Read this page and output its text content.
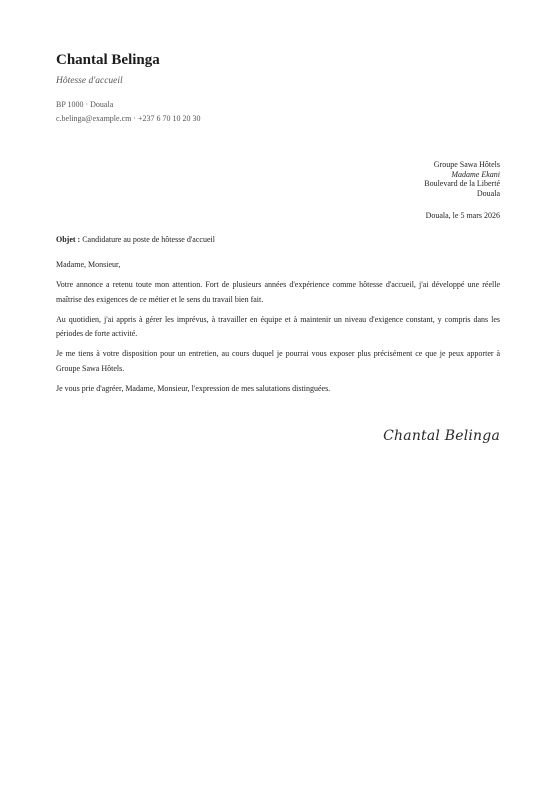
Chantal Belinga
Hôtesse d'accueil
BP 1000 · Douala
c.belinga@example.cm · +237 6 70 10 20 30
Groupe Sawa Hôtels
Madame Ekani
Boulevard de la Liberté
Douala
Douala, le 5 mars 2026
Objet : Candidature au poste de hôtesse d'accueil

Madame, Monsieur,

Votre annonce a retenu toute mon attention. Fort de plusieurs années d'expérience comme hôtesse d'accueil, j'ai développé une réelle maîtrise des exigences de ce métier et le sens du travail bien fait.

Au quotidien, j'ai appris à gérer les imprévus, à travailler en équipe et à maintenir un niveau d'exigence constant, y compris dans les périodes de forte activité.

Je me tiens à votre disposition pour un entretien, au cours duquel je pourrai vous exposer plus précisément ce que je peux apporter à Groupe Sawa Hôtels.

Je vous prie d'agréer, Madame, Monsieur, l'expression de mes salutations distinguées.

Chantal Belinga
